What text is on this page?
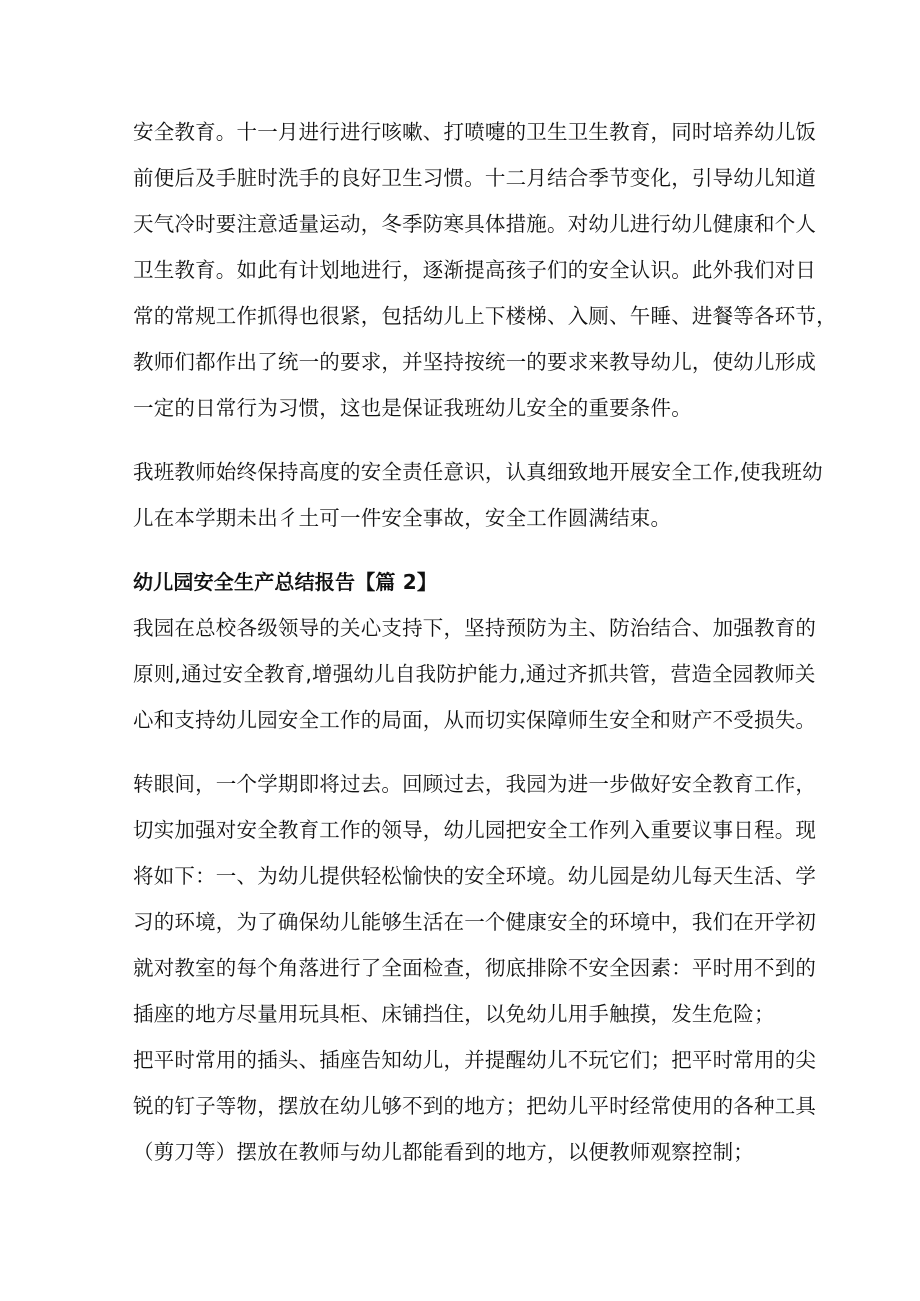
安全教育。十一月进行进行咳嗽、打喷嚏的卫生卫生教育，同时培养幼儿饭
前便后及手脏时洗手的良好卫生习惯。十二月结合季节变化，引导幼儿知道
天气冷时要注意适量运动，冬季防寒具体措施。对幼儿进行幼儿健康和个人
卫生教育。如此有计划地进行，逐渐提高孩子们的安全认识。此外我们对日
常的常规工作抓得也很紧，包括幼儿上下楼梯、入厕、午睡、进餐等各环节，
教师们都作出了统一的要求，并坚持按统一的要求来教导幼儿，使幼儿形成
一定的日常行为习惯，这也是保证我班幼儿安全的重要条件。
我班教师始终保持高度的安全责任意识，认真细致地开展安全工作,使我班幼
儿在本学期未出彳土可一件安全事故，安全工作圆满结束。
幼儿园安全生产总结报告【篇 2】
我园在总校各级领导的关心支持下，坚持预防为主、防治结合、加强教育的
原则,通过安全教育,增强幼儿自我防护能力,通过齐抓共管，营造全园教师关
心和支持幼儿园安全工作的局面，从而切实保障师生安全和财产不受损失。
转眼间，一个学期即将过去。回顾过去，我园为进一步做好安全教育工作，
切实加强对安全教育工作的领导，幼儿园把安全工作列入重要议事日程。现
将如下：一、为幼儿提供轻松愉快的安全环境。幼儿园是幼儿每天生活、学
习的环境，为了确保幼儿能够生活在一个健康安全的环境中，我们在开学初
就对教室的每个角落进行了全面检查，彻底排除不安全因素：平时用不到的
插座的地方尽量用玩具柜、床铺挡住，以免幼儿用手触摸，发生危险；
把平时常用的插头、插座告知幼儿，并提醒幼儿不玩它们；把平时常用的尖
锐的钉子等物，摆放在幼儿够不到的地方；把幼儿平时经常使用的各种工具
（剪刀等）摆放在教师与幼儿都能看到的地方，以便教师观察控制；
